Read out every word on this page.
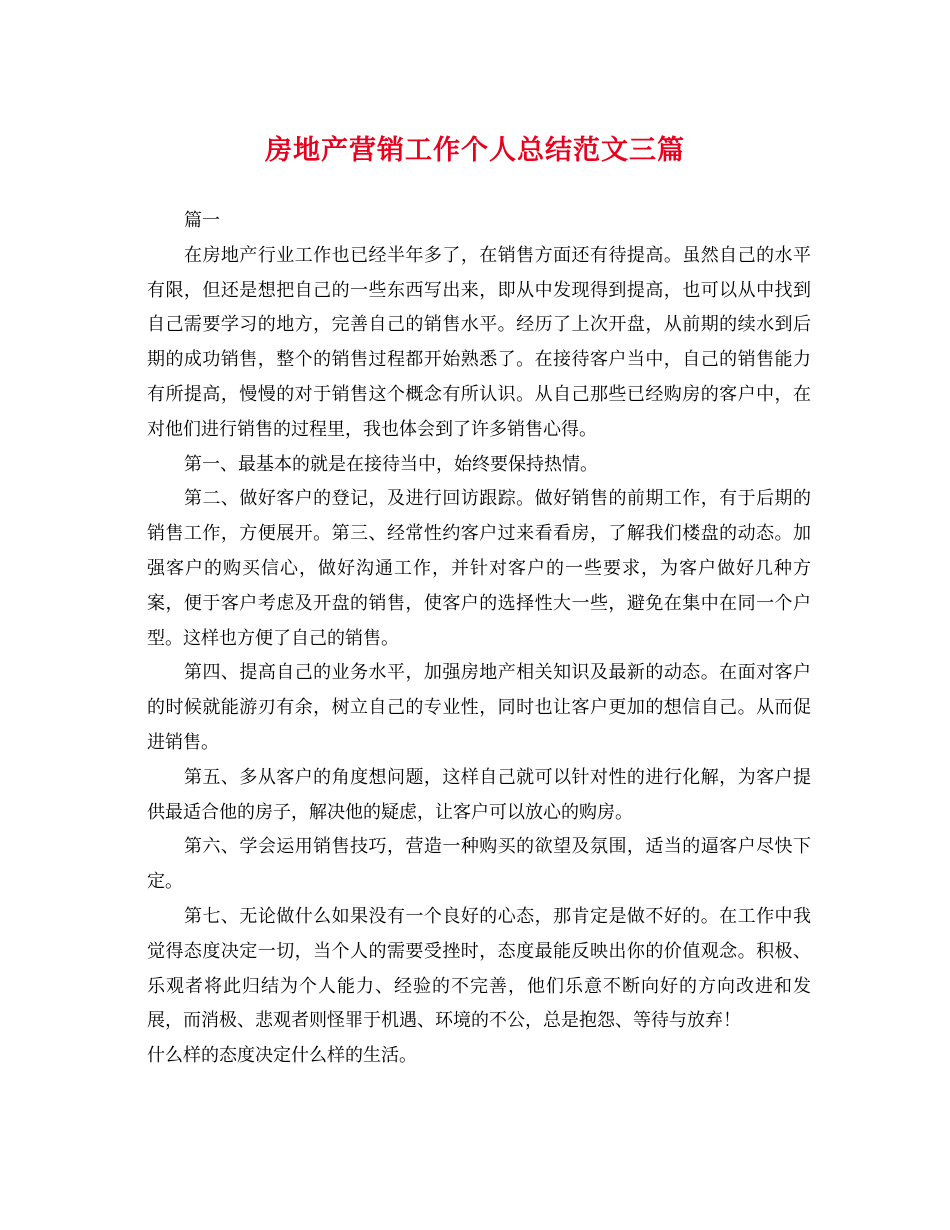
房地产营销工作个人总结范文三篇

篇一

在房地产行业工作也已经半年多了，在销售方面还有待提高。虽然自己的水平有限，但还是想把自己的一些东西写出来，即从中发现得到提高，也可以从中找到自己需要学习的地方，完善自己的销售水平。经历了上次开盘，从前期的续水到后期的成功销售，整个的销售过程都开始熟悉了。在接待客户当中，自己的销售能力有所提高，慢慢的对于销售这个概念有所认识。从自己那些已经购房的客户中，在对他们进行销售的过程里，我也体会到了许多销售心得。

第一、最基本的就是在接待当中，始终要保持热情。

第二、做好客户的登记，及进行回访跟踪。做好销售的前期工作，有于后期的销售工作，方便展开。第三、经常性约客户过来看看房，了解我们楼盘的动态。加强客户的购买信心，做好沟通工作，并针对客户的一些要求，为客户做好几种方案，便于客户考虑及开盘的销售，使客户的选择性大一些，避免在集中在同一个户型。这样也方便了自己的销售。

第四、提高自己的业务水平，加强房地产相关知识及最新的动态。在面对客户的时候就能游刃有余，树立自己的专业性，同时也让客户更加的想信自己。从而促进销售。

第五、多从客户的角度想问题，这样自己就可以针对性的进行化解，为客户提供最适合他的房子，解决他的疑虑，让客户可以放心的购房。

第六、学会运用销售技巧，营造一种购买的欲望及氛围，适当的逼客户尽快下定。

第七、无论做什么如果没有一个良好的心态，那肯定是做不好的。在工作中我觉得态度决定一切，当个人的需要受挫时，态度最能反映出你的价值观念。积极、乐观者将此归结为个人能力、经验的不完善，他们乐意不断向好的方向改进和发展，而消极、悲观者则怪罪于机遇、环境的不公，总是抱怨、等待与放弃！

什么样的态度决定什么样的生活。
